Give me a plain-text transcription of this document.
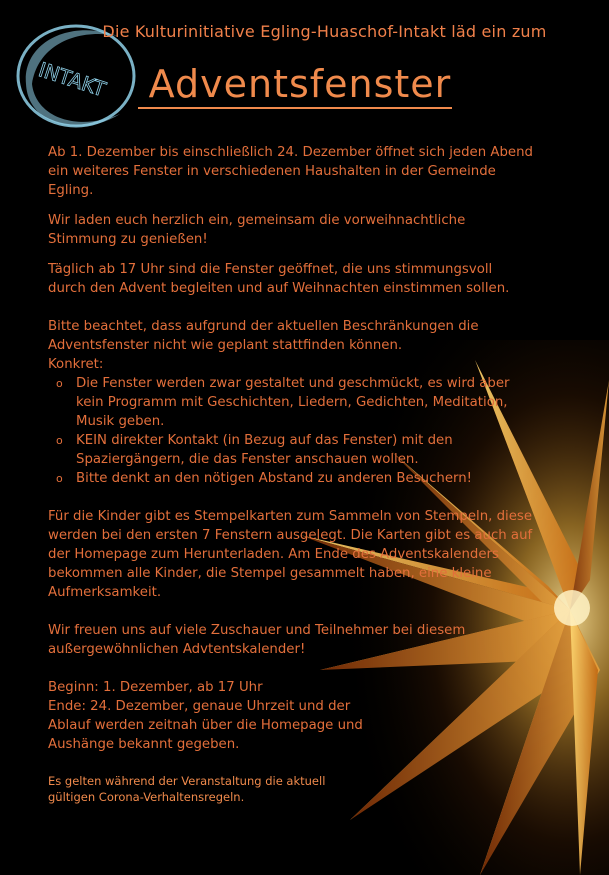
INTAKT
Die Kulturinitiative Egling-Huaschof-Intakt läd ein zum
Adventsfenster

Ab 1. Dezember bis einschließlich 24. Dezember öffnet sich jeden Abend ein weiteres Fenster in verschiedenen Haushalten in der Gemeinde Egling.

Wir laden euch herzlich ein, gemeinsam die vorweihnachtliche Stimmung zu genießen!

Täglich ab 17 Uhr sind die Fenster geöffnet, die uns stimmungsvoll durch den Advent begleiten und auf Weihnachten einstimmen sollen.

Bitte beachtet, dass aufgrund der aktuellen Beschränkungen die Adventsfenster nicht wie geplant stattfinden können.

Konkret:

o Die Fenster werden zwar gestaltet und geschmückt, es wird aber kein Programm mit Geschichten, Liedern, Gedichten, Meditation, Musik geben.
o KEIN direkter Kontakt (in Bezug auf das Fenster) mit den Spaziergängern, die das Fenster anschauen wollen.
o Bitte denkt an den nötigen Abstand zu anderen Besuchern!

Für die Kinder gibt es Stempelkarten zum Sammeln von Stempeln, diese werden bei den ersten 7 Fenstern ausgelegt. Die Karten gibt es auch auf der Homepage zum Herunterladen. Am Ende des Adventskalenders bekommen alle Kinder, die Stempel gesammelt haben, eine kleine Aufmerksamkeit.

Wir freuen uns auf viele Zuschauer und Teilnehmer bei diesem außergewöhnlichen Advtentskalender!

Beginn: 1. Dezember, ab 17 Uhr

Ende: 24. Dezember, genaue Uhrzeit und der Ablauf werden zeitnah über die Homepage und Aushänge bekannt gegeben.

Es gelten während der Veranstaltung die aktuell gültigen Corona-Verhaltensregeln.
